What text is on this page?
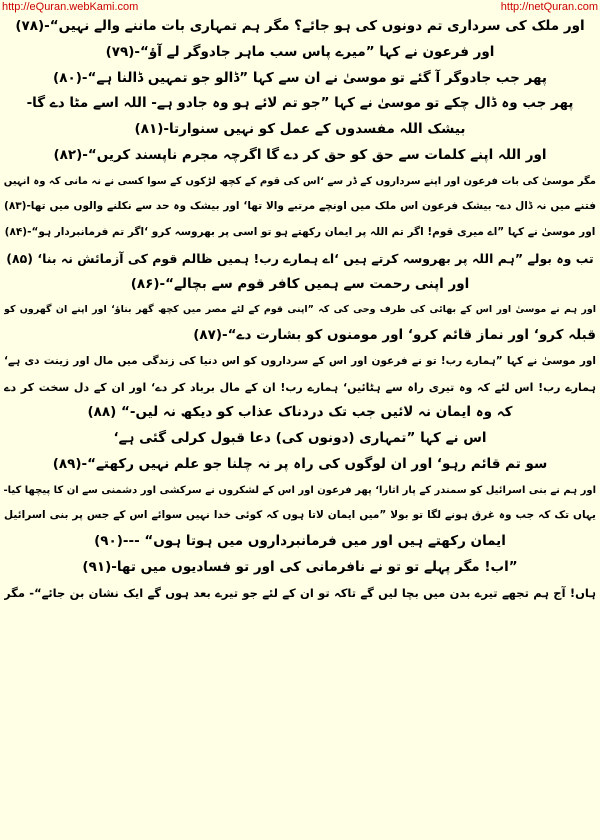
http://eQuran.webKami.com	http://netQuran.com
اور ملک کی سرداری تم دونوں کی ہو جائے؟ مگر ہم تمہاری بات ماننے والے نہیں“-(۷۸)
اور فرعون نے کہا ”میرے پاس سب ماہر جادوگر لے آؤ“-(۷۹)
پھر جب جادوگر آ گئے تو موسیٰ نے ان سے کہا ”ڈالو جو تمہیں ڈالنا ہے“-(۸۰)
پھر جب وہ ڈال چکے تو موسیٰ نے کہا ”جو تم لائے ہو وہ جادو ہے- اللہ اسے مٹا دے گا-
بیشک اللہ مفسدوں کے عمل کو نہیں سنوارتا-(۸۱)
اور اللہ اپنے کلمات سے حق کو حق کر دے گا اگرچہ مجرم ناپسند کریں“-(۸۲)
مگر موسیٰ کی بات فرعون اور اپنے سرداروں کے ڈر سے ‘اس کی قوم کے کچھ لڑکوں کے سوا کسی نے نہ مانی کہ وہ انہیں
فتنے میں نہ ڈال دے- بیشک فرعون اس ملک میں اونچے مرتبے والا تھا‘ اور بیشک وہ حد سے نکلنے والوں میں تھا-(۸۳)
اور موسیٰ نے کہا ”اے میری قوم! اگر تم اللہ پر ایمان رکھتے ہو تو اسی پر بھروسہ کرو ‘اگر تم فرمانبردار ہو“-(۸۴)
تب وہ بولے ”ہم اللہ پر بھروسہ کرتے ہیں ‘اے ہمارے رب! ہمیں ظالم قوم کی آزمائش نہ بنا‘ (۸۵)
اور اپنی رحمت سے ہمیں کافر قوم سے بچالے“-(۸۶)
اور ہم نے موسیٰ اور اس کے بھائی کی طرف وحی کی کہ ”اپنی قوم کے لئے مصر میں کچھ گھر بناؤ‘ اور اپنے ان گھروں کو
قبلہ کرو‘ اور نماز قائم کرو‘ اور مومنوں کو بشارت دے“-(۸۷)
اور موسیٰ نے کہا ”ہمارے رب! تو نے فرعون اور اس کے سرداروں کو اس دنیا کی زندگی میں مال اور زینت دی ہے‘
ہمارے رب! اس لئے کہ وہ تیری راہ سے ہٹائیں‘ ہمارے رب! ان کے مال برباد کر دے‘ اور ان کے دل سخت کر دے
کہ وہ ایمان نہ لائیں جب تک دردناک عذاب کو دیکھ نہ لیں-“ (۸۸)
اس نے کہا ”تمہاری (دونوں کی) دعا قبول کرلی گئی ہے‘
سو تم قائم رہو‘ اور ان لوگوں کی راہ پر نہ چلنا جو علم نہیں رکھتے“-(۸۹)
اور ہم نے بنی اسرائیل کو سمندر کے پار اتارا‘ پھر فرعون اور اس کے لشکروں نے سرکشی اور دشمنی سے ان کا پیچھا کیا-
یہاں تک کہ جب وہ غرق ہونے لگا تو بولا ”میں ایمان لاتا ہوں کہ کوئی خدا نہیں سوائے اس کے جس پر بنی اسرائیل
ایمان رکھتے ہیں اور میں فرمانبرداروں میں ہوتا ہوں“ ---(۹۰)
”اب! مگر پہلے تو تو نے نافرمانی کی اور تو فسادیوں میں تھا-(۹۱)
ہاں! آج ہم تجھے تیرے بدن میں بچا لیں گے تاکہ تو ان کے لئے جو تیرے بعد ہوں گے ایک نشان بن جائے“- مگر
